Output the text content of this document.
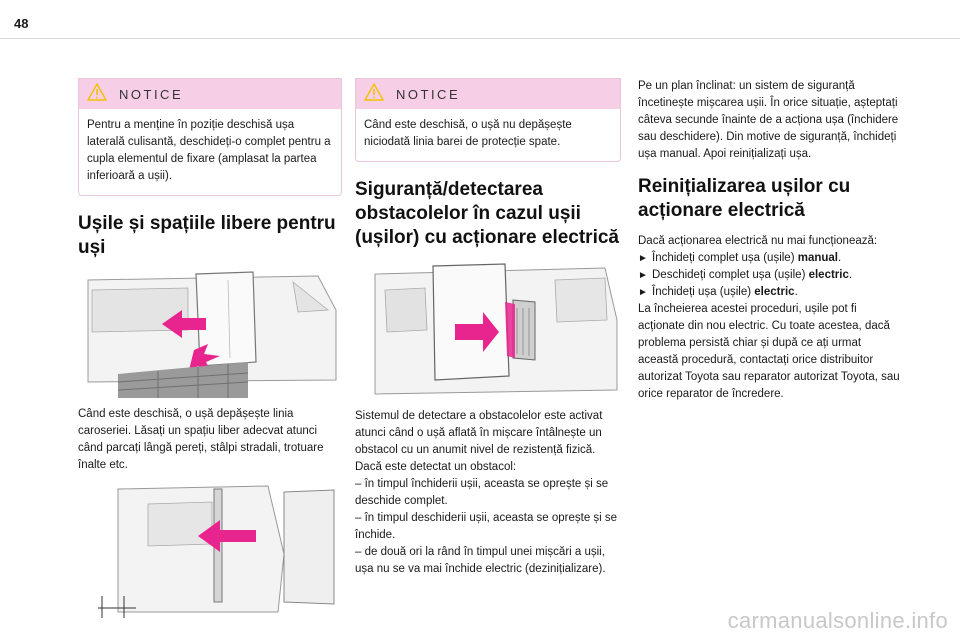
48
NOTICE
Pentru a menține în poziție deschisă ușa laterală culisantă, deschideți-o complet pentru a cupla elementul de fixare (amplasat la partea inferioară a ușii).
Ușile și spațiile libere pentru uși

Când este deschisă, o ușă depășește linia caroseriei. Lăsați un spațiu liber adecvat atunci când parcați lângă pereți, stâlpi stradali, trotuare înalte etc.

NOTICE
Când este deschisă, o ușă nu depășește niciodată linia barei de protecție spate.
Siguranță/detectarea obstacolelor în cazul ușii (ușilor) cu acționare electrică

Sistemul de detectare a obstacolelor este activat atunci când o ușă aflată în mișcare întâlnește un obstacol cu un anumit nivel de rezistență fizică. Dacă este detectat un obstacol:

– în timpul închiderii ușii, aceasta se oprește și se deschide complet.

– în timpul deschiderii ușii, aceasta se oprește și se închide.

– de două ori la rând în timpul unei mișcări a ușii, ușa nu se va mai închide electric (dezinițializare).

Pe un plan înclinat: un sistem de siguranță încetinește mișcarea ușii. În orice situație, așteptați câteva secunde înainte de a acționa ușa (închidere sau deschidere). Din motive de siguranță, închideți ușa manual. Apoi reinițializați ușa.

Reinițializarea ușilor cu acționare electrică

Dacă acționarea electrică nu mai funcționează:

► Închideți complet ușa (ușile) manual.

► Deschideți complet ușa (ușile) electric.

► Închideți ușa (ușile) electric.

La încheierea acestei proceduri, ușile pot fi acționate din nou electric. Cu toate acestea, dacă problema persistă chiar și după ce ați urmat această procedură, contactați orice distribuitor autorizat Toyota sau reparator autorizat Toyota, sau orice reparator de încredere.

carmanualsonline.info
